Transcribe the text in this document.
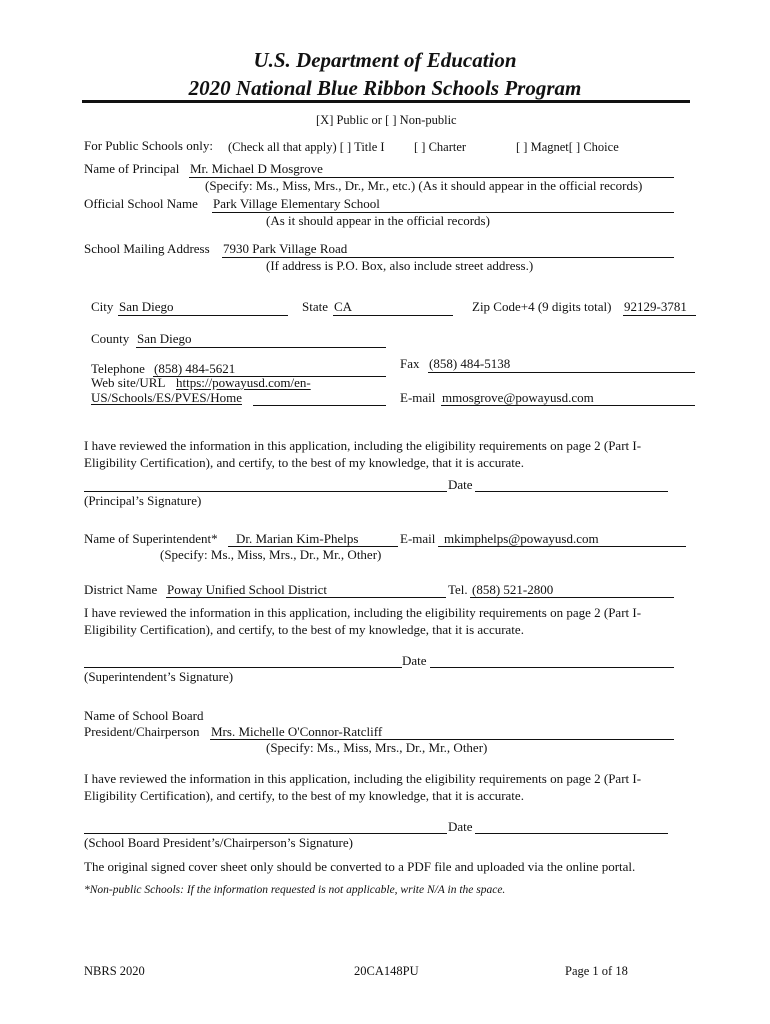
U.S. Department of Education
2020 National Blue Ribbon Schools Program
[X] Public or [ ] Non-public
For Public Schools only: (Check all that apply) [ ] Title I [ ] Charter	[ ] Magnet[ ] Choice
Name of Principal Mr. Michael D Mosgrove
(Specify: Ms., Miss, Mrs., Dr., Mr., etc.) (As it should appear in the official records)
Official School Name Park Village Elementary School
(As it should appear in the official records)
School Mailing Address 7930 Park Village Road
(If address is P.O. Box, also include street address.)
City San Diego	State CA	Zip Code+4 (9 digits total) 92129-3781
County San Diego
Telephone (858) 484-5621	Fax (858) 484-5138
Web site/URL https://powayusd.com/en-
US/Schools/ES/PVES/Home	E-mail mmosgrove@powayusd.com
I have reviewed the information in this application, including the eligibility requirements on page 2 (Part I-
Eligibility Certification), and certify, to the best of my knowledge, that it is accurate.
Date
(Principal’s Signature)
Name of Superintendent* Dr. Marian Kim-Phelps	E-mail mkimphelps@powayusd.com
(Specify: Ms., Miss, Mrs., Dr., Mr., Other)
District Name Poway Unified School District	Tel. (858) 521-2800
I have reviewed the information in this application, including the eligibility requirements on page 2 (Part I-
Eligibility Certification), and certify, to the best of my knowledge, that it is accurate.
Date
(Superintendent’s Signature)
Name of School Board
President/Chairperson Mrs. Michelle O'Connor-Ratcliff
(Specify: Ms., Miss, Mrs., Dr., Mr., Other)
I have reviewed the information in this application, including the eligibility requirements on page 2 (Part I-
Eligibility Certification), and certify, to the best of my knowledge, that it is accurate.
Date
(School Board President’s/Chairperson’s Signature)
The original signed cover sheet only should be converted to a PDF file and uploaded via the online portal.
*Non-public Schools: If the information requested is not applicable, write N/A in the space.
NBRS 2020	20CA148PU	Page 1 of 18
